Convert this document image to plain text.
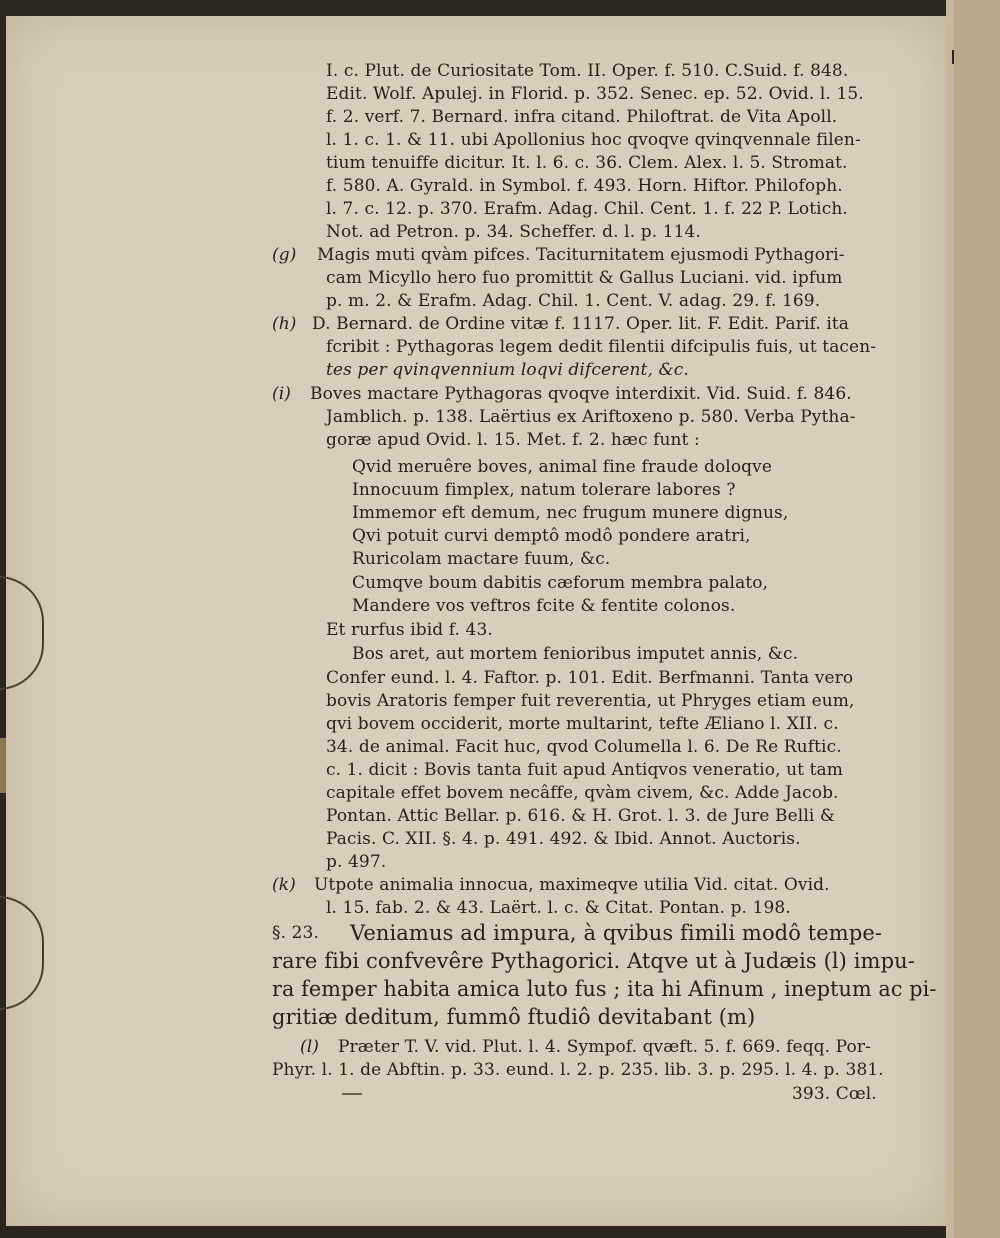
I. c. Plut. de Curiositate Tom. II. Oper. f. 510. C.Suid. f. 848.
Edit. Wolf. Apulej. in Florid. p. 352. Senec. ep. 52. Ovid. l. 15.
f. 2. verf. 7. Bernard. infra citand. Philoftrat. de Vita Apoll.
l. 1. c. 1. & 11. ubi Apollonius hoc qvoqve qvinqvennale filen-
tium tenuiffe dicitur. It. l. 6. c. 36. Clem. Alex. l. 5. Stromat.
f. 580. A. Gyrald. in Symbol. f. 493. Horn. Hiftor. Philofoph.
l. 7. c. 12. p. 370. Erafm. Adag. Chil. Cent. 1. f. 22 P. Lotich.
Not. ad Petron. p. 34. Scheffer. d. l. p. 114.
(g) Magis muti qvàm pifces. Taciturnitatem ejusmodi Pythagori-
cam Micyllo hero fuo promittit & Gallus Luciani. vid. ipfum
p. m. 2. & Erafm. Adag. Chil. 1. Cent. V. adag. 29. f. 169.
(h) D. Bernard. de Ordine vitæ f. 1117. Oper. lit. F. Edit. Parif. ita
fcribit : Pythagoras legem dedit filentii difcipulis fuis, ut tacen-
tes per qvinqvennium loqvi difcerent, &c.
(i) Boves mactare Pythagoras qvoqve interdixit. Vid. Suid. f. 846.
Jamblich. p. 138. Laërtius ex Ariftoxeno p. 580. Verba Pytha-
goræ apud Ovid. l. 15. Met. f. 2. hæc funt :
Qvid meruêre boves, animal fine fraude doloqve
Innocuum fimplex, natum tolerare labores ?
Immemor eft demum, nec frugum munere dignus,
Qvi potuit curvi demptô modô pondere aratri,
Ruricolam mactare fuum, &c.
Cumqve boum dabitis cæforum membra palato,
Mandere vos veftros fcite & fentite colonos.
Et rurfus ibid f. 43.
Bos aret, aut mortem fenioribus imputet annis, &c.
Confer eund. l. 4. Faftor. p. 101. Edit. Berfmanni. Tanta vero
bovis Aratoris femper fuit reverentia, ut Phryges etiam eum,
qvi bovem occiderit, morte multarint, tefte Æliano l. XII. c.
34. de animal. Facit huc, qvod Columella l. 6. De Re Ruftic.
c. 1. dicit : Bovis tanta fuit apud Antiqvos veneratio, ut tam
capitale effet bovem necâffe, qvàm civem, &c. Adde Jacob.
Pontan. Attic Bellar. p. 616. & H. Grot. l. 3. de Jure Belli &
Pacis. C. XII. §. 4. p. 491. 492. & Ibid. Annot. Auctoris.
p. 497.
(k) Utpote animalia innocua, maximeqve utilia Vid. citat. Ovid.
l. 15. fab. 2. & 43. Laërt. l. c. & Citat. Pontan. p. 198.
§. 23. Veniamus ad impura, à qvibus fimili modô tempe-
rare fibi confvevêre Pythagorici. Atqve ut à Judæis (l) impu-
ra femper habita amica luto fus ; ita hi Afinum , ineptum ac pi-
gritiæ deditum, fummô ftudiô devitabant (m)
(l) Præter T. V. vid. Plut. l. 4. Sympof. qvæft. 5. f. 669. feqq. Por-
Phyr. l. 1. de Abftin. p. 33. eund. l. 2. p. 235. lib. 3. p. 295. l. 4. p. 381.
393. Cœl.
